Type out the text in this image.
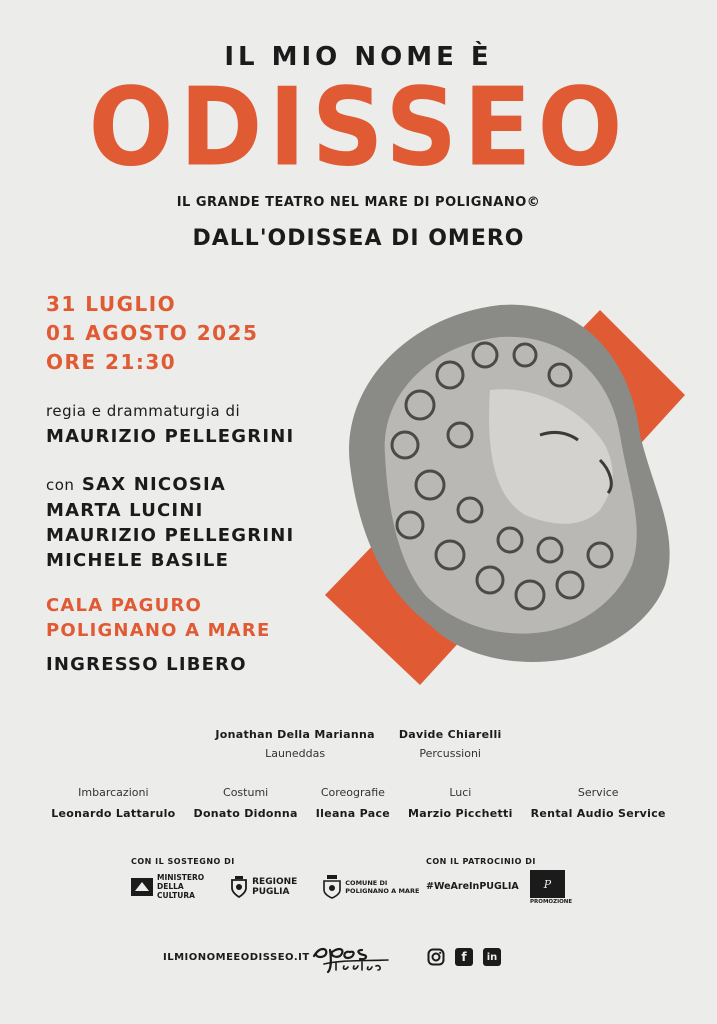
IL MIO NOME È
ODISSEO
IL GRANDE TEATRO NEL MARE DI POLIGNANO©
DALL'ODISSEA DI OMERO
31 LUGLIO
01 AGOSTO 2025
ORE 21:30
regia e drammaturgia di
MAURIZIO PELLEGRINI
con SAX NICOSIA
MARTA LUCINI
MAURIZIO PELLEGRINI
MICHELE BASILE
CALA PAGURO
POLIGNANO A MARE
INGRESSO LIBERO
Jonathan Della Marianna
Launeddas
Davide Chiarelli
Percussioni
Imbarcazioni
Leonardo Lattarulo
Costumi
Donato Didonna
Coreografie
Ileana Pace
Luci
Marzio Picchetti
Service
Rental Audio Service
CON IL SOSTEGNO DI
MINISTERO
DELLA
CULTURA
REGIONE
PUGLIA
COMUNE DI
POLIGNANO A MARE
CON IL PATROCINIO DI
#WeAreInPUGLIA	P
PROMOZIONE
ILMIONOMEEODISSEO.IT	f	in
